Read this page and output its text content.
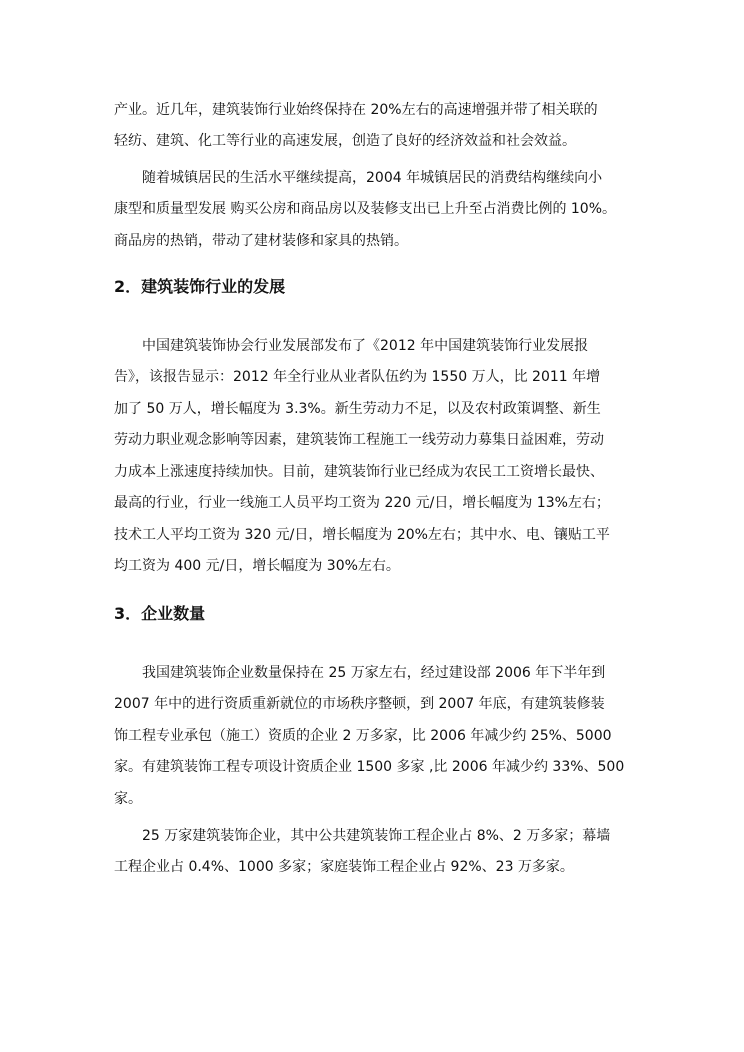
产业。近几年，建筑装饰行业始终保持在 20%左右的高速增强并带了相关联的
轻纺、建筑、化工等行业的高速发展，创造了良好的经济效益和社会效益。
随着城镇居民的生活水平继续提高，2004 年城镇居民的消费结构继续向小
康型和质量型发展 购买公房和商品房以及装修支出已上升至占消费比例的 10%。
商品房的热销，带动了建材装修和家具的热销。
2．建筑装饰行业的发展
中国建筑装饰协会行业发展部发布了《2012 年中国建筑装饰行业发展报
告》，该报告显示：2012 年全行业从业者队伍约为 1550 万人，比 2011 年增
加了 50 万人，增长幅度为 3.3%。新生劳动力不足，以及农村政策调整、新生
劳动力职业观念影响等因素，建筑装饰工程施工一线劳动力募集日益困难，劳动
力成本上涨速度持续加快。目前，建筑装饰行业已经成为农民工工资增长最快、
最高的行业，行业一线施工人员平均工资为 220 元/日，增长幅度为 13%左右；
技术工人平均工资为 320 元/日，增长幅度为 20%左右；其中水、电、镶贴工平
均工资为 400 元/日，增长幅度为 30%左右。
3．企业数量
我国建筑装饰企业数量保持在 25 万家左右，经过建设部 2006 年下半年到
2007 年中的进行资质重新就位的市场秩序整顿，到 2007 年底，有建筑装修装
饰工程专业承包（施工）资质的企业 2 万多家，比 2006 年减少约 25%、5000
家。有建筑装饰工程专项设计资质企业 1500 多家 ,比 2006 年减少约 33%、500
家。
25 万家建筑装饰企业，其中公共建筑装饰工程企业占 8%、2 万多家；幕墙
工程企业占 0.4%、1000 多家；家庭装饰工程企业占 92%、23 万多家。
